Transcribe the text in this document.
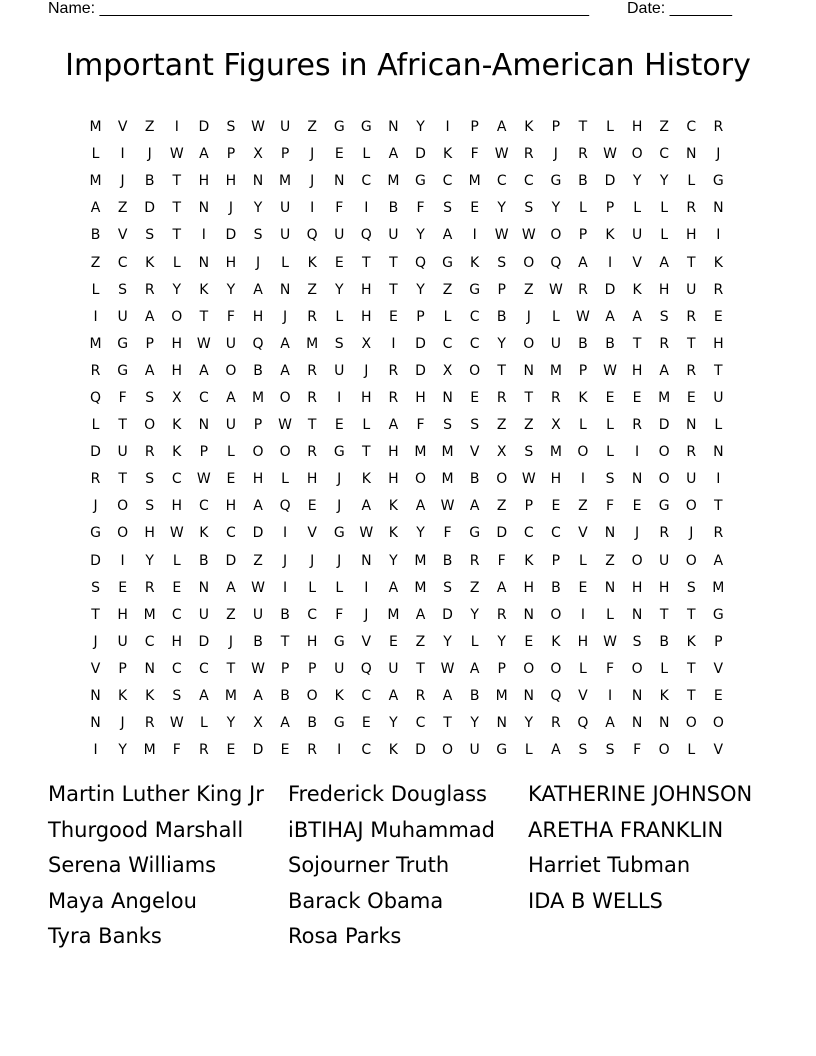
Name: _______________________________________________________ Date: _______
Important Figures in African-American History
M	V	Z	I	D	S	W	U	Z	G	G	N	Y	I	P	A	K	P	T	L	H	Z	C	R
L	I	J	W	A	P	X	P	J	E	L	A	D	K	F	W	R	J	R	W	O	C	N	J
M	J	B	T	H	H	N	M	J	N	C	M	G	C	M	C	C	G	B	D	Y	Y	L	G
A	Z	D	T	N	J	Y	U	I	F	I	B	F	S	E	Y	S	Y	L	P	L	L	R	N
B	V	S	T	I	D	S	U	Q	U	Q	U	Y	A	I	W W	O	P	K	U	L	H	I
Z	C	K	L	N	H	J	L	K	E	T	T	Q	G	K	S	O	Q	A	I	V	A	T	K
L	S	R	Y	K	Y	A	N	Z	Y	H	T	Y	Z	G	P	Z	W	R	D	K	H	U	R
I	U	A	O	T	F	H	J	R	L	H	E	P	L	C	B	J	L	W	A	A	S	R	E
M	G	P	H	W	U	Q	A	M	S	X	I	D	C	C	Y	O	U	B	B	T	R	T	H
R	G	A	H	A	O	B	A	R	U	J	R	D	X	O	T	N	M	P	W	H	A	R	T
Q	F	S	X	C	A	M	O	R	I	H	R	H	N	E	R	T	R	K	E	E	M	E	U
L	T	O	K	N	U	P	W	T	E	L	A	F	S	S	Z	Z	X	L	L	R	D	N	L
D	U	R	K	P	L	O	O	R	G	T	H	M	M	V	X	S	M	O	L	I	O	R	N
R	T	S	C	W	E	H	L	H	J	K	H	O	M	B	O	W	H	I	S	N	O	U	I
J	O	S	H	C	H	A	Q	E	J	A	K	A	W	A	Z	P	E	Z	F	E	G	O	T
G	O	H	W	K	C	D	I	V	G	W	K	Y	F	G	D	C	C	V	N	J	R	J	R
D	I	Y	L	B	D	Z	J	J	J	N	Y	M	B	R	F	K	P	L	Z	O	U	O	A
S	E	R	E	N	A	W	I	L	L	I	A	M	S	Z	A	H	B	E	N	H	H	S	M
T	H	M	C	U	Z	U	B	C	F	J	M	A	D	Y	R	N	O	I	L	N	T	T	G
J	U	C	H	D	J	B	T	H	G	V	E	Z	Y	L	Y	E	K	H	W	S	B	K	P
V	P	N	C	C	T	W	P	P	U	Q	U	T	W	A	P	O	O	L	F	O	L	T	V
N	K	K	S	A	M	A	B	O	K	C	A	R	A	B	M	N	Q	V	I	N	K	T	E
N	J	R	W	L	Y	X	A	B	G	E	Y	C	T	Y	N	Y	R	Q	A	N	N	O	O
I	Y	M	F	R	E	D	E	R	I	C	K	D	O	U	G	L	A	S	S	F	O	L	V
Martin Luther King Jr
Thurgood Marshall
Serena Williams
Maya Angelou
Tyra Banks
Frederick Douglass
iBTIHAJ Muhammad
Sojourner Truth
Barack Obama
Rosa Parks
KATHERINE JOHNSON
ARETHA FRANKLIN
Harriet Tubman
IDA B WELLS
